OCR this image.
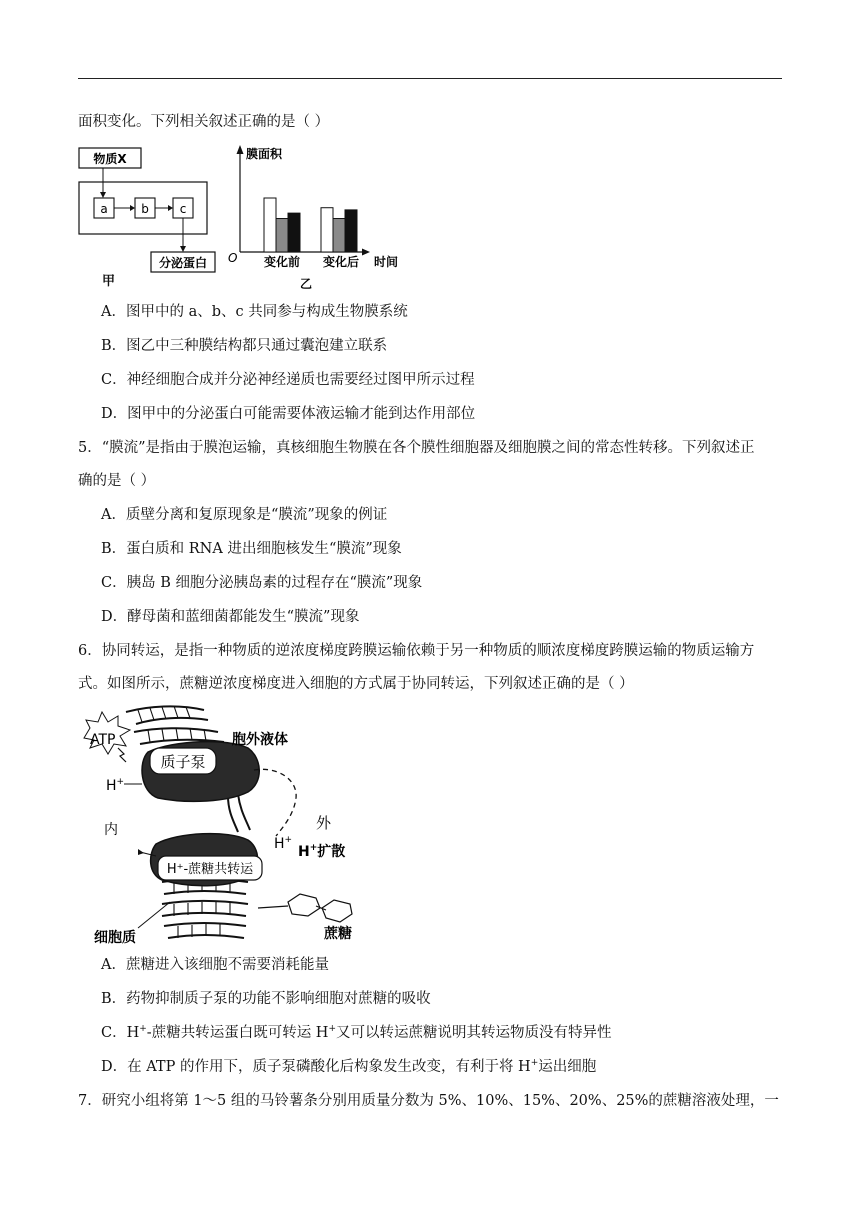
面积变化。下列相关叙述正确的是（ ）
物质X
a	b	c
分泌蛋白
甲
膜面积
O 变化前 变化后 时间
乙
A．图甲中的 a、b、c 共同参与构成生物膜系统
B．图乙中三种膜结构都只通过囊泡建立联系
C．神经细胞合成并分泌神经递质也需要经过图甲所示过程
D．图甲中的分泌蛋白可能需要体液运输才能到达作用部位
5．“膜流”是指由于膜泡运输，真核细胞生物膜在各个膜性细胞器及细胞膜之间的常态性转移。下列叙述正
确的是（ ）
A．质壁分离和复原现象是“膜流”现象的例证
B．蛋白质和 RNA 进出细胞核发生“膜流”现象
C．胰岛 B 细胞分泌胰岛素的过程存在“膜流”现象
D．酵母菌和蓝细菌都能发生“膜流”现象
6．协同转运，是指一种物质的逆浓度梯度跨膜运输依赖于另一种物质的顺浓度梯度跨膜运输的物质运输方
式。如图所示，蔗糖逆浓度梯度进入细胞的方式属于协同转运，下列叙述正确的是（ ）
质子泵
H⁺-蔗糖共转运
ATP	胞外液体
H+
内	外
H+
H+扩散
蔗糖
细胞质
A．蔗糖进入该细胞不需要消耗能量
B．药物抑制质子泵的功能不影响细胞对蔗糖的吸收
C．H+-蔗糖共转运蛋白既可转运 H+又可以转运蔗糖说明其转运物质没有特异性
D．在 ATP 的作用下，质子泵磷酸化后构象发生改变，有利于将 H+运出细胞
7．研究小组将第 1～5 组的马铃薯条分别用质量分数为 5%、10%、15%、20%、25%的蔗糖溶液处理，一
